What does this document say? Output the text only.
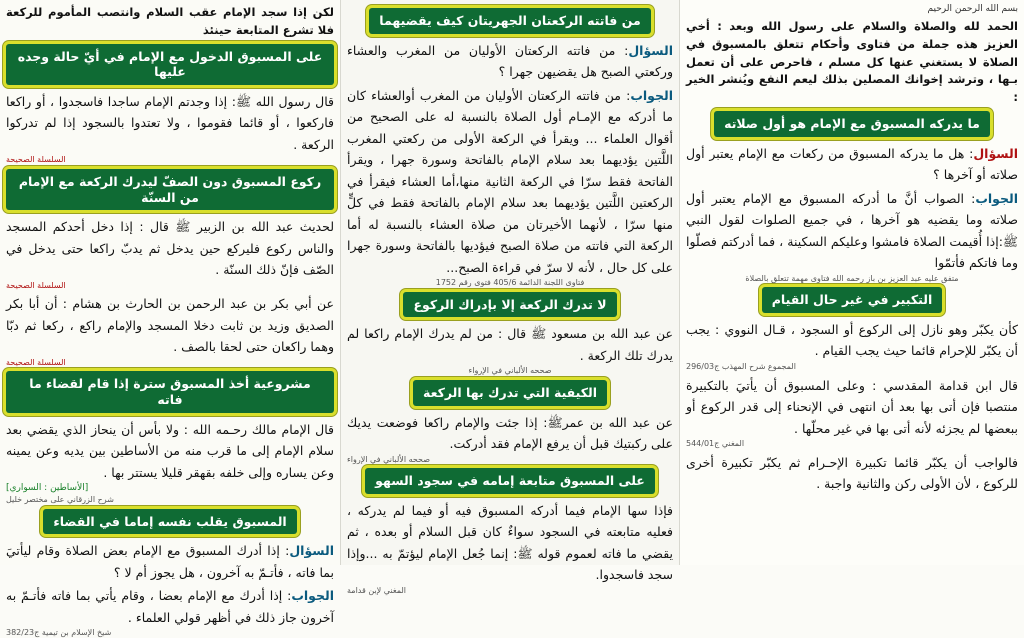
بسم الله الرحمن الرحيم

الحمد لله والصلاة والسلام على رسول الله وبعد : أخي العزيز هذه جملة من فتاوى وأحكام تتعلق بالمسبوق في الصلاة لا يستغني عنها كل مسلم ، فاحرص على أن تعمل بـها ، وترشد إخوانك المصلين بذلك ليعم النفع ويُنشر الخير :

ما يدركه المسبوق مع الإمام هو أول صلاته

السؤال: هل ما يدركه المسبوق من ركعات مع الإمام يعتبر أول صلاته أو آخرها ؟

الجواب: الصواب أنَّ ما أدركه المسبوق مع الإمام يعتبر أول صلاته وما يقضيه هو آخرها ، في جميع الصلوات لقول النبي ﷺ:إذا أُقيمت الصلاة فامشوا وعليكم السكينة ، فما أدركتم فصلّوا وما فاتكم فأتمّوا

متفق عليه عبد العزيز بن باز رحمه الله فتاوى مهمة تتعلق بالصلاة
التكبير في غير حال القيام

كأن يكبّر وهو نازل إلى الركوع أو السجود ، قـال النووي : يجب أن يكبّر للإحرام قائما حيث يجب القيام .

المجموع شرح المهذب ج296/03

قال ابن قدامة المقدسي : وعلى المسبوق أن يأتيَ بالتكبيرة منتصبا فإن أتى بها بعد أن انتهى في الإنحناء إلى قدر الركوع أو ببعضها لم يجزئه لأنه أتى بها في غير محلّها .

المغني ج544/01

فالواجب أن يكبّر قائما تكبيرة الإحـرام ثم يكبّر تكبيرة أخرى للركوع ، لأن الأولى ركن والثانية واجبة .

من فاتته الركعتان الجهريتان كيف يقضيهما

السؤال: من فاتته الركعتان الأوليان من المغرب والعشاء وركعتي الصبح هل يقضيهن جهرا ؟

الجواب: من فاتته الركعتان الأوليان من المغرب أوالعشاء كان ما أدركه مع الإمـام أول الصلاة بالنسبة له على الصحيح من أقوال العلماء ... ويقرأ في الركعة الأولى من ركعتي المغرب اللَّتين يؤديهما بعد سلام الإمام بالفاتحة وسورة جهرا ، ويقرأ الفاتحة فقط سرّا في الركعة الثانية منها،أما العشاء فيقرأ في الركعتين اللَّتين يؤديهما بعد سلام الإمام بالفاتحة فقط في كلٍّ منها سرّا ، لأنهما الأخيرتان من صلاة العشاء بالنسبة له أما الركعة التي فاتته من صلاة الصبح فيؤديها بالفاتحة وسورة جهرا على كل حال ، لأنه لا سرّ في قراءة الصبح...

فتاوى اللجنة الدائمة 405/6 فتوى رقم 1752
لا تدرك الركعة إلا بإدراك الركوع

عن عبد الله بن مسعود ﷺ قال : من لم يدرك الإمام راكعا لم يدرك تلك الركعة .

صححه الألباني في الإرواء
الكيفية التي تدرك بها الركعة

عن عبد الله بن عمرﷺ: إذا جئت والإمام راكعا فوضعت يديك على ركبتيك قبل أن يرفع الإمام فقد أدركت.

صححه الألباني في الإرواء
على المسبوق متابعة إمامه في سجود السهو

فإذا سها الإمام فيما أدركه المسبوق فيه أو فيما لم يدركه ، فعليه متابعته في السجود سواءٌ كان قبل السلام أو بعده ، ثم يقضي ما فاته لعموم قوله ﷺ: إنما جُعل الإمام ليؤتمّ به ...وإذا سجد فاسجدوا.

المغني لإبن قدامة

لكن إذا سجد الإمام عقب السلام وانتصب المأموم للركعة فلا تشرع المتابعة حينئذ

على المسبوق الدخول مع الإمام في أيّ حالة وجده عليها

قال رسول الله ﷺ: إذا وجدتم الإمام ساجدا فاسجدوا ، أو راكعا فاركعوا ، أو قائما فقوموا ، ولا تعتدوا بالسجود إذا لم تدركوا الركعة .

السلسلة الصحيحة
ركوع المسبوق دون الصفّ ليدرك الركعة مع الإمام من السنّة

لحديث عبد الله بن الزبير ﷺ قال : إذا دخل أحدكم المسجد والناس ركوع فليركع حين يدخل ثم يدبّ راكعا حتى يدخل في الصّف فإنّ ذلك السنّة .

السلسلة الصحيحة

عن أبي بكر بن عبد الرحمن بن الحارث بن هشام : أن أبا بكر الصديق وزيد بن ثابت دخلا المسجد والإمام راكع ، ركعا ثم دبّا وهما راكعان حتى لحقا بالصف .

السلسلة الصحيحة
مشروعية أخذ المسبوق سترة إذا قام لقضاء ما فاته

قال الإمام مالك رحـمه الله : ولا بأس أن ينحاز الذي يقضي بعد سلام الإمام إلى ما قرب منه من الأساطين بين يديه وعن يمينه وعن يساره وإلى خلفه بقهقر قليلا يستتر بها .

[الأساطين : السواري]
شرح الزرقاني على مختصر خليل
المسبوق يقلب نفسه إماما في القضاء

السؤال: إذا أدرك المسبوق مع الإمام بعض الصلاة وقام ليأتيَ بما فاته ، فأتـمّ به آخرون ، هل يجوز أم لا ؟

الجواب: إذا أدرك مع الإمام بعضا ، وقام يأتي بما فاته فأتـمّ به آخرون جاز ذلك في أظهر قولي العلماء .

شيخ الإسلام بن تيمية ج382/23
